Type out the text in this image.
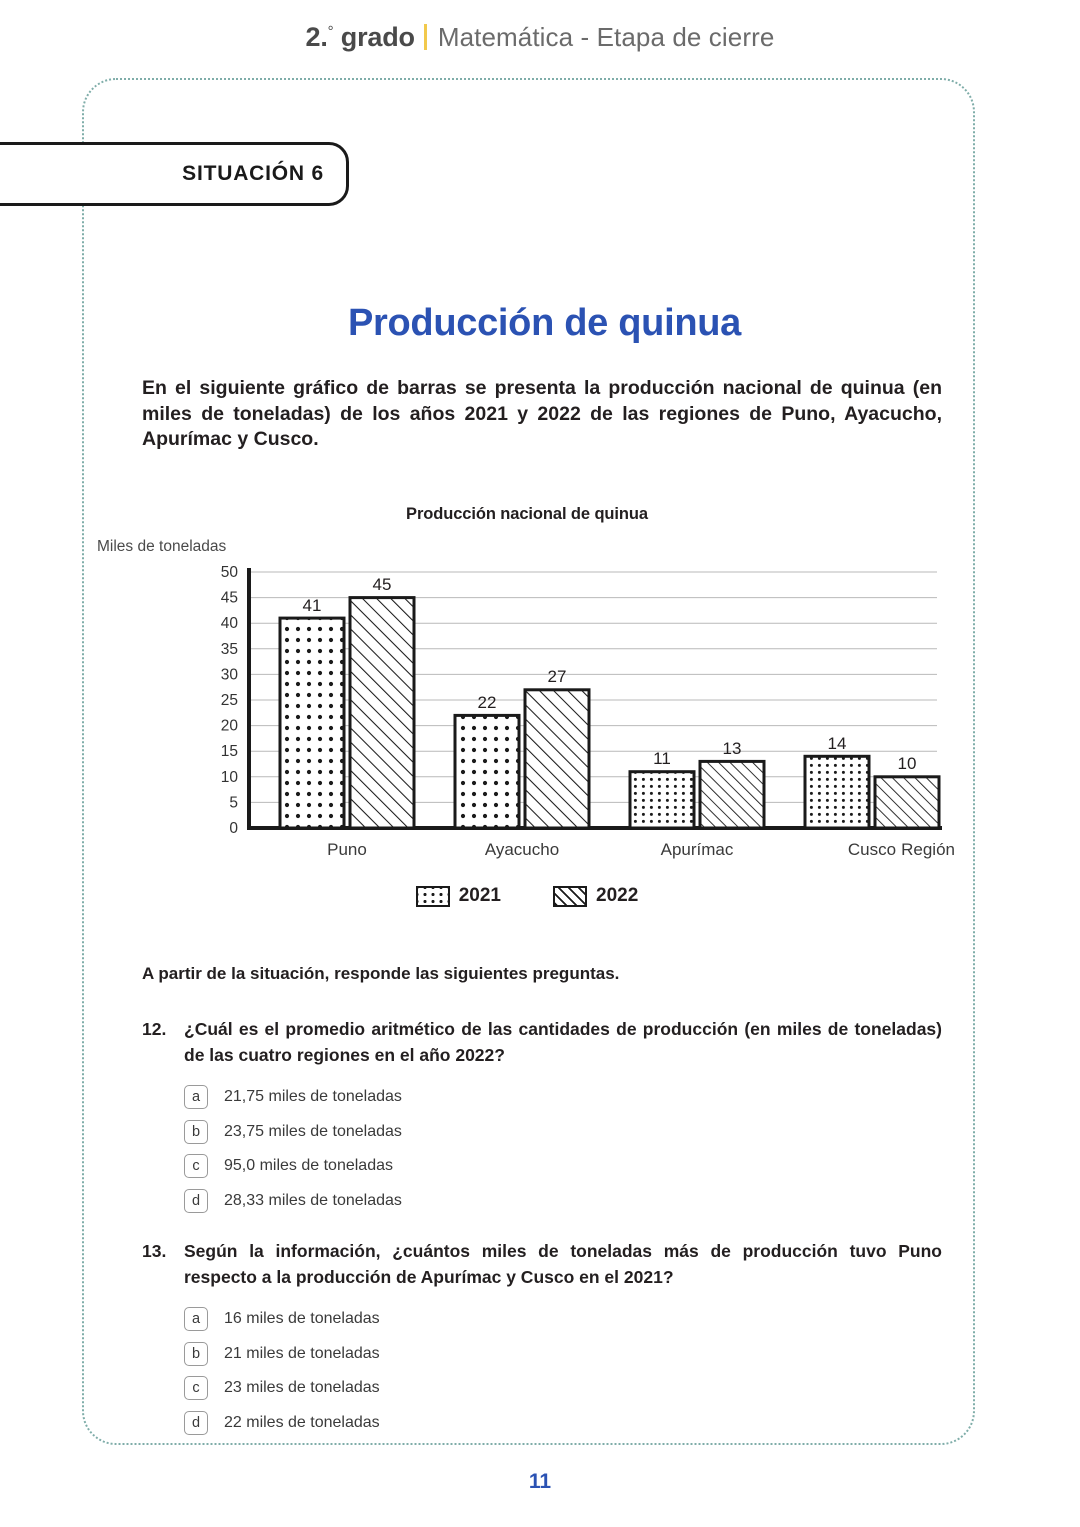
2.° grado Matemática - Etapa de cierre
SITUACIÓN 6
Producción de quinua
En el siguiente gráfico de barras se presenta la producción nacional de quinua (en miles de toneladas) de los años 2021 y 2022 de las regiones de Puno, Ayacucho, Apurímac y Cusco.
Producción nacional de quinua
Miles de toneladas
50
45
40
35
30
25
20
15
10
5
0
41
45
22
27
11
13	14
10
Puno	Ayacucho	Apurímac	Cusco Región
2021	2022
A partir de la situación, responde las siguientes preguntas.
12.	¿Cuál es el promedio aritmético de las cantidades de producción (en miles de toneladas) de las cuatro regiones en el año 2022?
a	21,75 miles de toneladas
b	23,75 miles de toneladas
c	95,0 miles de toneladas
d	28,33 miles de toneladas
13.	Según la información, ¿cuántos miles de toneladas más de producción tuvo Puno respecto a la producción de Apurímac y Cusco en el 2021?
a	16 miles de toneladas
b	21 miles de toneladas
c	23 miles de toneladas
d	22 miles de toneladas
11
